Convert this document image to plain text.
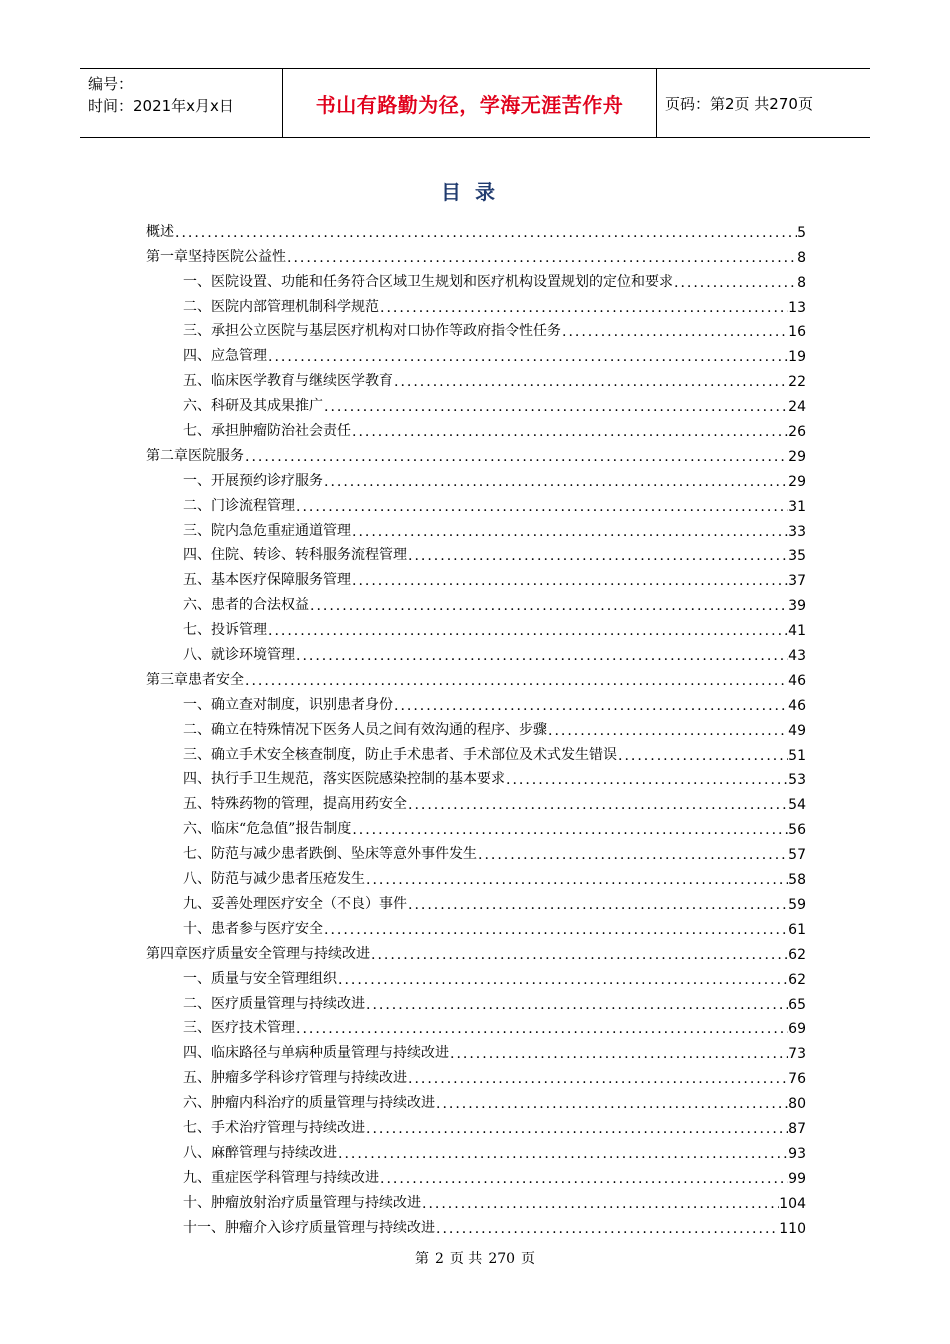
编号：
时间：2021年x月x日	书山有路勤为径，学海无涯苦作舟	页码：第2页 共270页
目录
概述 .....	5
第一章坚持医院公益性 .....	8
一、医院设置、功能和任务符合区域卫生规划和医疗机构设置规划的定位和要求 .....	8
二、医院内部管理机制科学规范 .....	13
三、承担公立医院与基层医疗机构对口协作等政府指令性任务 .....	16
四、应急管理 .....	19
五、临床医学教育与继续医学教育 .....	22
六、科研及其成果推广 .....	24
七、承担肿瘤防治社会责任 .....	26
第二章医院服务 .....	29
一、开展预约诊疗服务 .....	29
二、门诊流程管理 .....	31
三、院内急危重症通道管理 .....	33
四、住院、转诊、转科服务流程管理 .....	35
五、基本医疗保障服务管理 .....	37
六、患者的合法权益 .....	39
七、投诉管理 .....	41
八、就诊环境管理 .....	43
第三章患者安全 .....	46
一、确立查对制度，识别患者身份 .....	46
二、确立在特殊情况下医务人员之间有效沟通的程序、步骤 .....	49
三、确立手术安全核查制度，防止手术患者、手术部位及术式发生错误 .....	51
四、执行手卫生规范，落实医院感染控制的基本要求 .....	53
五、特殊药物的管理，提高用药安全 .....	54
六、临床“危急值”报告制度 .....	56
七、防范与减少患者跌倒、坠床等意外事件发生 .....	57
八、防范与减少患者压疮发生 .....	58
九、妥善处理医疗安全（不良）事件 .....	59
十、患者参与医疗安全 .....	61
第四章医疗质量安全管理与持续改进 .....	62
一、质量与安全管理组织 .....	62
二、医疗质量管理与持续改进 .....	65
三、医疗技术管理 .....	69
四、临床路径与单病种质量管理与持续改进 .....	73
五、肿瘤多学科诊疗管理与持续改进 .....	76
六、肿瘤内科治疗的质量管理与持续改进 .....	80
七、手术治疗管理与持续改进 .....	87
八、麻醉管理与持续改进 .....	93
九、重症医学科管理与持续改进 .....	99
十、肿瘤放射治疗质量管理与持续改进 .....	104
十一、肿瘤介入诊疗质量管理与持续改进 .....	110
第 2 页 共 270 页
